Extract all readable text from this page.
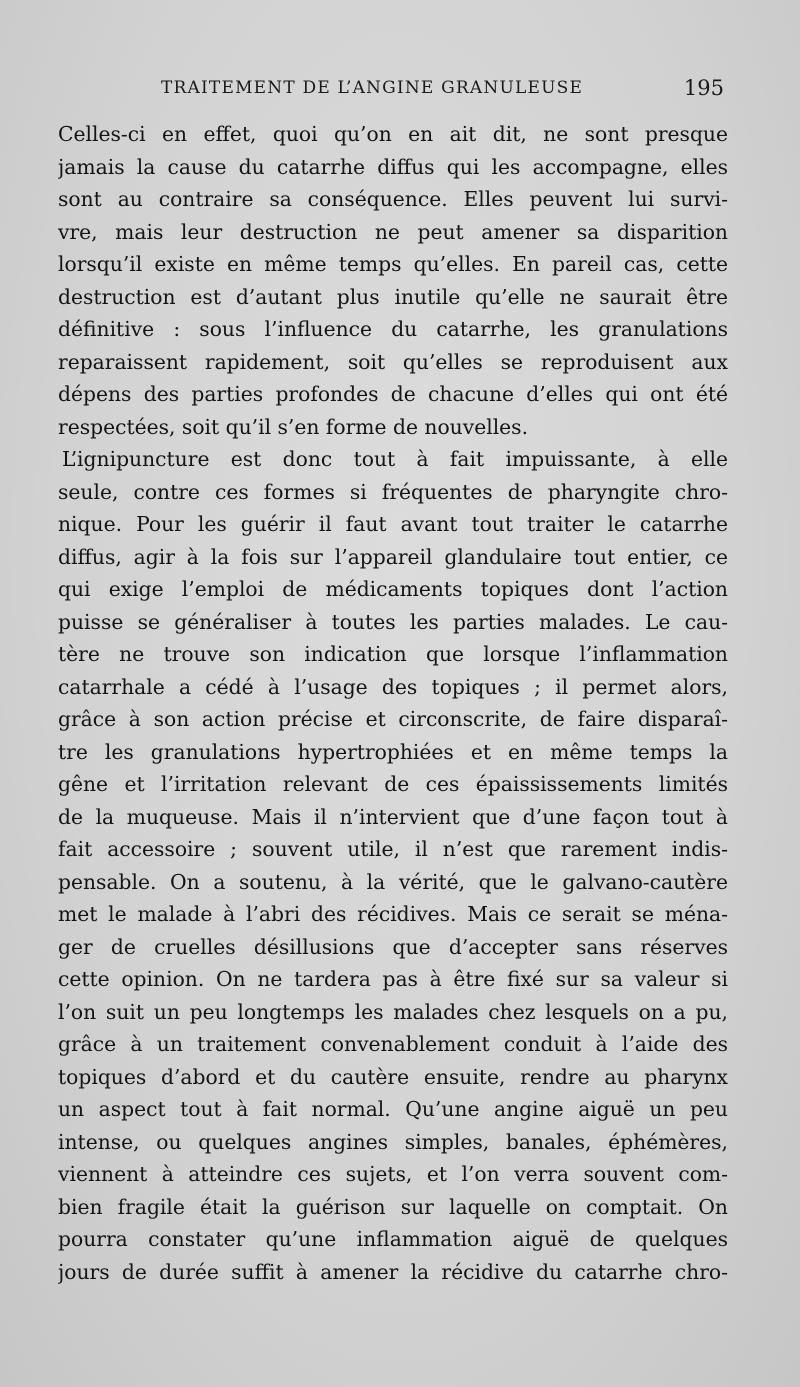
TRAITEMENT DE L’ANGINE GRANULEUSE	195
Celles-ci en effet, quoi qu’on en ait dit, ne sont presque
jamais la cause du catarrhe diffus qui les accompagne, elles
sont au contraire sa conséquence. Elles peuvent lui survi-
vre, mais leur destruction ne peut amener sa disparition
lorsqu’il existe en même temps qu’elles. En pareil cas, cette
destruction est d’autant plus inutile qu’elle ne saurait être
définitive : sous l’influence du catarrhe, les granulations
reparaissent rapidement, soit qu’elles se reproduisent aux
dépens des parties profondes de chacune d’elles qui ont été
respectées, soit qu’il s’en forme de nouvelles.
L’ignipuncture est donc tout à fait impuissante, à elle
seule, contre ces formes si fréquentes de pharyngite chro-
nique. Pour les guérir il faut avant tout traiter le catarrhe
diffus, agir à la fois sur l’appareil glandulaire tout entier, ce
qui exige l’emploi de médicaments topiques dont l’action
puisse se généraliser à toutes les parties malades. Le cau-
tère ne trouve son indication que lorsque l’inflammation
catarrhale a cédé à l’usage des topiques ; il permet alors,
grâce à son action précise et circonscrite, de faire disparaî-
tre les granulations hypertrophiées et en même temps la
gêne et l’irritation relevant de ces épaississements limités
de la muqueuse. Mais il n’intervient que d’une façon tout à
fait accessoire ; souvent utile, il n’est que rarement indis-
pensable. On a soutenu, à la vérité, que le galvano-cautère
met le malade à l’abri des récidives. Mais ce serait se ména-
ger de cruelles désillusions que d’accepter sans réserves
cette opinion. On ne tardera pas à être fixé sur sa valeur si
l’on suit un peu longtemps les malades chez lesquels on a pu,
grâce à un traitement convenablement conduit à l’aide des
topiques d’abord et du cautère ensuite, rendre au pharynx
un aspect tout à fait normal. Qu’une angine aiguë un peu
intense, ou quelques angines simples, banales, éphémères,
viennent à atteindre ces sujets, et l’on verra souvent com-
bien fragile était la guérison sur laquelle on comptait. On
pourra constater qu’une inflammation aiguë de quelques
jours de durée suffit à amener la récidive du catarrhe chro-
